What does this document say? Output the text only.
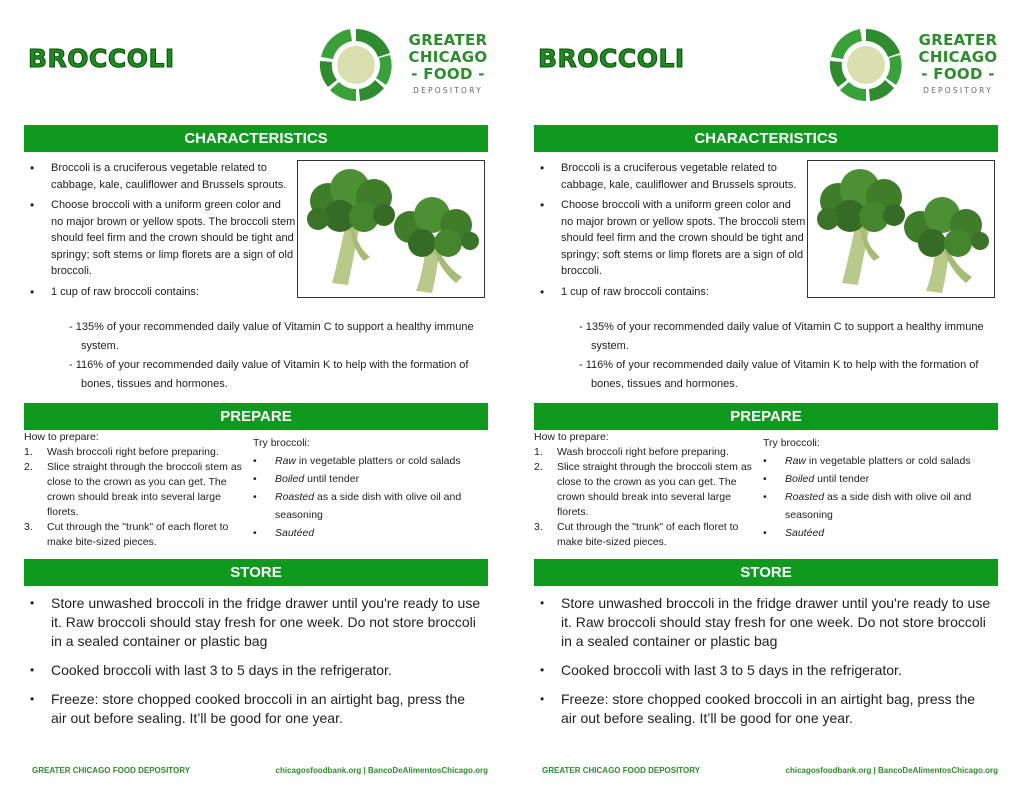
BROCCOLI
GREATER
CHICAGO
- FOOD -
DEPOSITORY
CHARACTERISTICS
• Broccoli is a cruciferous vegetable related to cabbage, kale, cauliflower and Brussels sprouts.
• Choose broccoli with a uniform green color and no major brown or yellow spots. The broccoli stem should feel firm and the crown should be tight and springy; soft stems or limp florets are a sign of old broccoli.
• 1 cup of raw broccoli contains:
- 135% of your recommended daily value of Vitamin C to support a healthy immune system.
- 116% of your recommended daily value of Vitamin K to help with the formation of bones, tissues and hormones.
PREPARE
How to prepare:
1. Wash broccoli right before preparing.
2. Slice straight through the broccoli stem as close to the crown as you can get. The crown should break into several large florets.
3. Cut through the "trunk" of each floret to make bite-sized pieces.
Try broccoli:
• Raw in vegetable platters or cold salads
• Boiled until tender
• Roasted as a side dish with olive oil and seasoning
• Sautéed
STORE
• Store unwashed broccoli in the fridge drawer until you're ready to use it. Raw broccoli should stay fresh for one week. Do not store broccoli in a sealed container or plastic bag
• Cooked broccoli with last 3 to 5 days in the refrigerator.
• Freeze: store chopped cooked broccoli in an airtight bag, press the air out before sealing. It’ll be good for one year.
GREATER CHICAGO FOOD DEPOSITORY	chicagosfoodbank.org | BancoDeAlimentosChicago.org
BROCCOLI
GREATER
CHICAGO
- FOOD -
DEPOSITORY
CHARACTERISTICS
• Broccoli is a cruciferous vegetable related to cabbage, kale, cauliflower and Brussels sprouts.
• Choose broccoli with a uniform green color and no major brown or yellow spots. The broccoli stem should feel firm and the crown should be tight and springy; soft stems or limp florets are a sign of old broccoli.
• 1 cup of raw broccoli contains:
- 135% of your recommended daily value of Vitamin C to support a healthy immune system.
- 116% of your recommended daily value of Vitamin K to help with the formation of bones, tissues and hormones.
PREPARE
How to prepare:
1. Wash broccoli right before preparing.
2. Slice straight through the broccoli stem as close to the crown as you can get. The crown should break into several large florets.
3. Cut through the "trunk" of each floret to make bite-sized pieces.
Try broccoli:
• Raw in vegetable platters or cold salads
• Boiled until tender
• Roasted as a side dish with olive oil and seasoning
• Sautéed
STORE
• Store unwashed broccoli in the fridge drawer until you're ready to use it. Raw broccoli should stay fresh for one week. Do not store broccoli in a sealed container or plastic bag
• Cooked broccoli with last 3 to 5 days in the refrigerator.
• Freeze: store chopped cooked broccoli in an airtight bag, press the air out before sealing. It’ll be good for one year.
GREATER CHICAGO FOOD DEPOSITORY	chicagosfoodbank.org | BancoDeAlimentosChicago.org
